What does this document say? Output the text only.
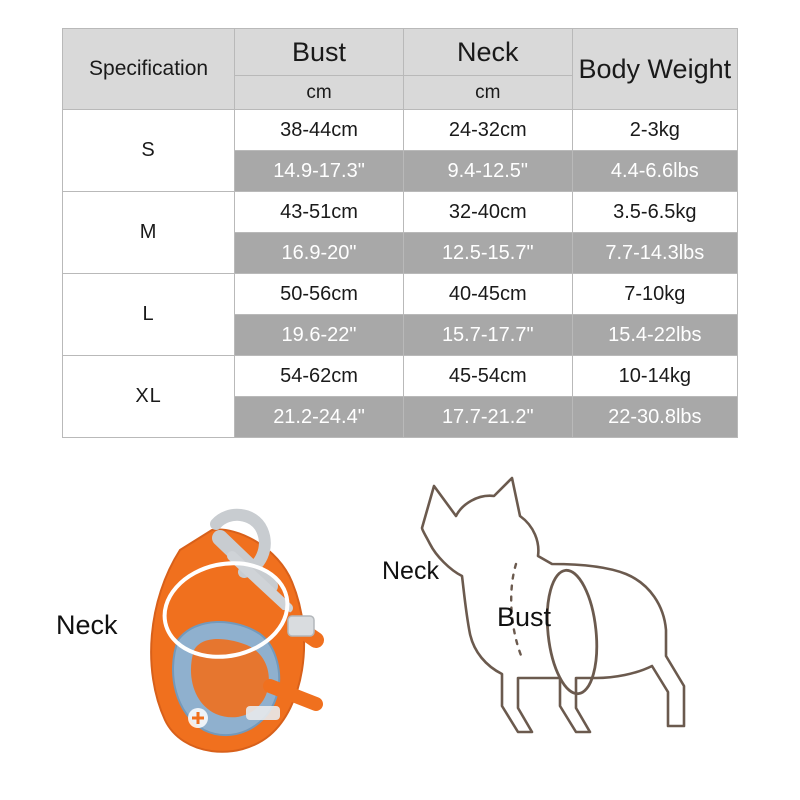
Specification	Bust	Neck	Body Weight
	cm	cm	
S	38-44cm	24-32cm	2-3kg
	14.9-17.3"	9.4-12.5"	4.4-6.6lbs
M	43-51cm	32-40cm	3.5-6.5kg
	16.9-20"	12.5-15.7"	7.7-14.3lbs
L	50-56cm	40-45cm	7-10kg
	19.6-22"	15.7-17.7"	15.4-22lbs
XL	54-62cm	45-54cm	10-14kg
	21.2-24.4"	17.7-21.2"	22-30.8lbs
Neck
Neck
Bust
